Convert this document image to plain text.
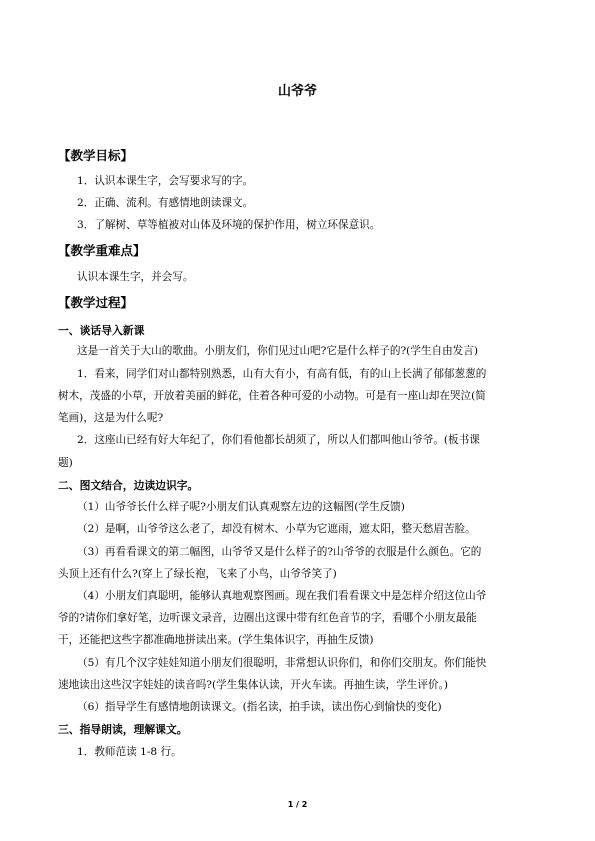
山爷爷
【教学目标】
1．认识本课生字，会写要求写的字。
2．正确、流利。有感情地朗读课文。
3．了解树、草等植被对山体及环境的保护作用，树立环保意识。
【教学重难点】
认识本课生字，并会写。
【教学过程】
一、谈话导入新课
这是一首关于大山的歌曲。小朋友们，你们见过山吧?它是什么样子的?(学生自由发言)
1．看来，同学们对山都特别熟悉，山有大有小，有高有低，有的山上长满了郁郁葱葱的
树木，茂盛的小草，开放着美丽的鲜花，住着各种可爱的小动物。可是有一座山却在哭泣(简
笔画)，这是为什么呢?
2．这座山已经有好大年纪了，你们看他都长胡须了，所以人们都叫他山爷爷。(板书课
题)
二、图文结合，边读边识字。
（1）山爷爷长什么样子呢?小朋友们认真观察左边的这幅图(学生反馈)
（2）是啊，山爷爷这么老了，却没有树木、小草为它遮雨，遮太阳，整天愁眉苦脸。
（3）再看看课文的第二幅图，山爷爷又是什么样子的?山爷爷的衣服是什么颜色。它的
头顶上还有什么?(穿上了绿长袍，飞来了小鸟，山爷爷笑了)
（4）小朋友们真聪明，能够认真地观察图画。现在我们看看课文中是怎样介绍这位山爷
爷的?请你们拿好笔，边听课文录音，边圈出这课中带有红色音节的字，看哪个小朋友最能
干，还能把这些字都准确地拼读出来。(学生集体识字，再抽生反馈)
（5）有几个汉字娃娃知道小朋友们很聪明，非常想认识你们，和你们交朋友。你们能快
速地读出这些汉字娃娃的读音吗?(学生集体认读，开火车读。再抽生读，学生评价。)
（6）指导学生有感情地朗读课文。(指名读，拍手读，读出伤心到愉快的变化)
三、指导朗读，理解课文。
1．教师范读 1-8 行。
1 / 2
